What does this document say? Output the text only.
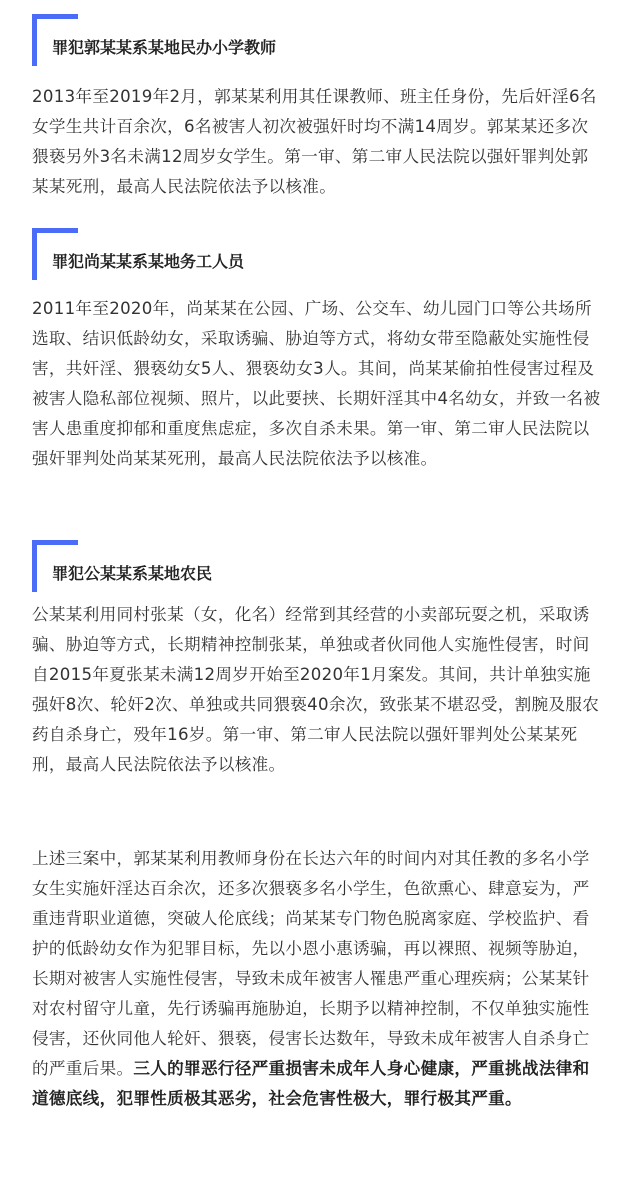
罪犯郭某某系某地民办小学教师

2013年至2019年2月，郭某某利用其任课教师、班主任身份，先后奸淫6名女学生共计百余次，6名被害人初次被强奸时均不满14周岁。郭某某还多次猥亵另外3名未满12周岁女学生。第一审、第二审人民法院以强奸罪判处郭某某死刑，最高人民法院依法予以核准。

罪犯尚某某系某地务工人员

2011年至2020年，尚某某在公园、广场、公交车、幼儿园门口等公共场所选取、结识低龄幼女，采取诱骗、胁迫等方式，将幼女带至隐蔽处实施性侵害，共奸淫、猥亵幼女5人、猥亵幼女3人。其间，尚某某偷拍性侵害过程及被害人隐私部位视频、照片，以此要挟、长期奸淫其中4名幼女，并致一名被害人患重度抑郁和重度焦虑症，多次自杀未果。第一审、第二审人民法院以强奸罪判处尚某某死刑，最高人民法院依法予以核准。

罪犯公某某系某地农民

公某某利用同村张某（女，化名）经常到其经营的小卖部玩耍之机，采取诱骗、胁迫等方式，长期精神控制张某，单独或者伙同他人实施性侵害，时间自2015年夏张某未满12周岁开始至2020年1月案发。其间，共计单独实施强奸8次、轮奸2次、单独或共同猥亵40余次，致张某不堪忍受，割腕及服农药自杀身亡，殁年16岁。第一审、第二审人民法院以强奸罪判处公某某死刑，最高人民法院依法予以核准。

上述三案中，郭某某利用教师身份在长达六年的时间内对其任教的多名小学女生实施奸淫达百余次，还多次猥亵多名小学生，色欲熏心、肆意妄为，严重违背职业道德，突破人伦底线；尚某某专门物色脱离家庭、学校监护、看护的低龄幼女作为犯罪目标，先以小恩小惠诱骗，再以裸照、视频等胁迫，长期对被害人实施性侵害，导致未成年被害人罹患严重心理疾病；公某某针对农村留守儿童，先行诱骗再施胁迫，长期予以精神控制，不仅单独实施性侵害，还伙同他人轮奸、猥亵，侵害长达数年，导致未成年被害人自杀身亡的严重后果。三人的罪恶行径严重损害未成年人身心健康，严重挑战法律和道德底线，犯罪性质极其恶劣，社会危害性极大，罪行极其严重。
